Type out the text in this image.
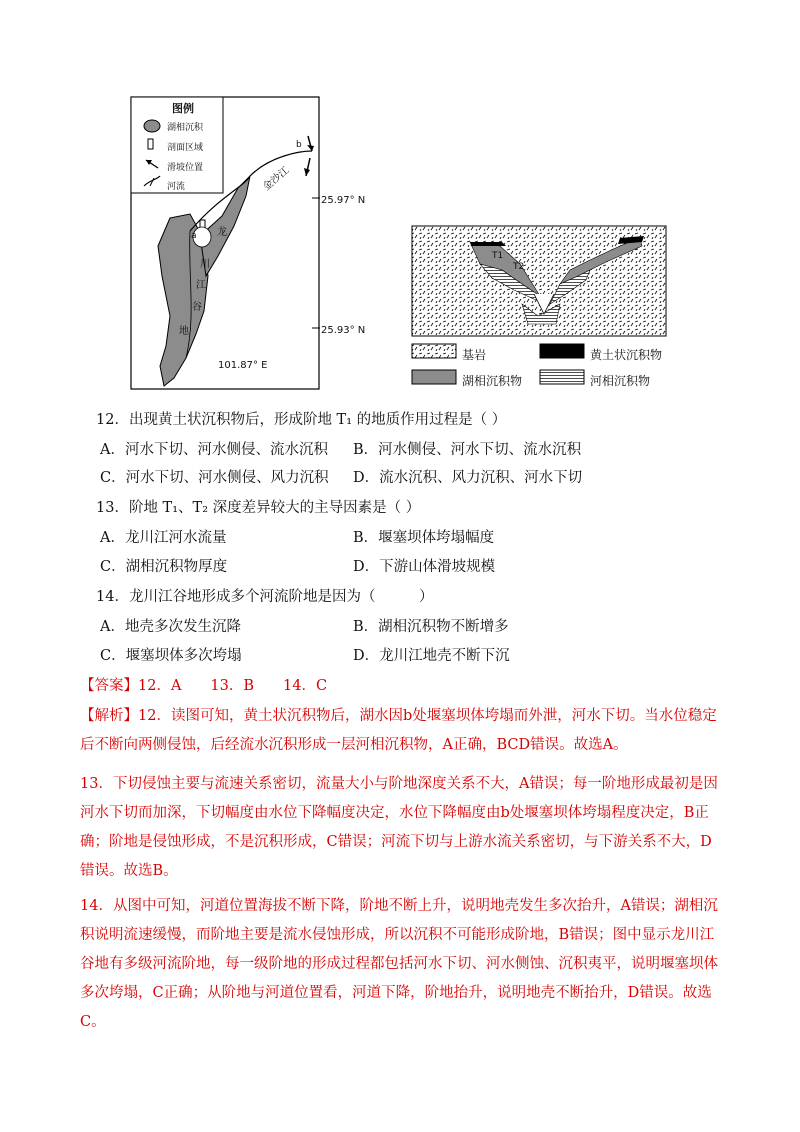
图例
湖相沉积
剖面区域
滑坡位置
河流
b
a
金沙江
25.97° N
25.93° N
101.87° E
龙
川
江
谷
地
T1
T2
基岩	黄土状沉积物
湖相沉积物	河相沉积物
12．出现黄土状沉积物后，形成阶地 T₁ 的地质作用过程是（ ）
A．河水下切、河水侧侵、流水沉积 B．河水侧侵、河水下切、流水沉积
C．河水下切、河水侧侵、风力沉积 D．流水沉积、风力沉积、河水下切
13．阶地 T₁、T₂ 深度差异较大的主导因素是（ ）
A．龙川江河水流量	B．堰塞坝体垮塌幅度
C．湖相沉积物厚度	D．下游山体滑坡规模
14．龙川江谷地形成多个河流阶地是因为（　　　）
A．地壳多次发生沉降	B．湖相沉积物不断增多
C．堰塞坝体多次垮塌	D．龙川江地壳不断下沉
【答案】12．A　　13．B　　14．C
【解析】12．读图可知，黄土状沉积物后，湖水因b处堰塞坝体垮塌而外泄，河水下切。当水位稳定后不断向两侧侵蚀，后经流水沉积形成一层河相沉积物，A正确，BCD错误。故选A。
13．下切侵蚀主要与流速关系密切，流量大小与阶地深度关系不大，A错误；每一阶地形成最初是因河水下切而加深，下切幅度由水位下降幅度决定，水位下降幅度由b处堰塞坝体垮塌程度决定，B正确；阶地是侵蚀形成，不是沉积形成，C错误；河流下切与上游水流关系密切，与下游关系不大，D错误。故选B。
14．从图中可知，河道位置海拔不断下降，阶地不断上升，说明地壳发生多次抬升，A错误；湖相沉积说明流速缓慢，而阶地主要是流水侵蚀形成，所以沉积不可能形成阶地，B错误；图中显示龙川江谷地有多级河流阶地，每一级阶地的形成过程都包括河水下切、河水侧蚀、沉积夷平，说明堰塞坝体多次垮塌，C正确；从阶地与河道位置看，河道下降，阶地抬升，说明地壳不断抬升，D错误。故选C。
